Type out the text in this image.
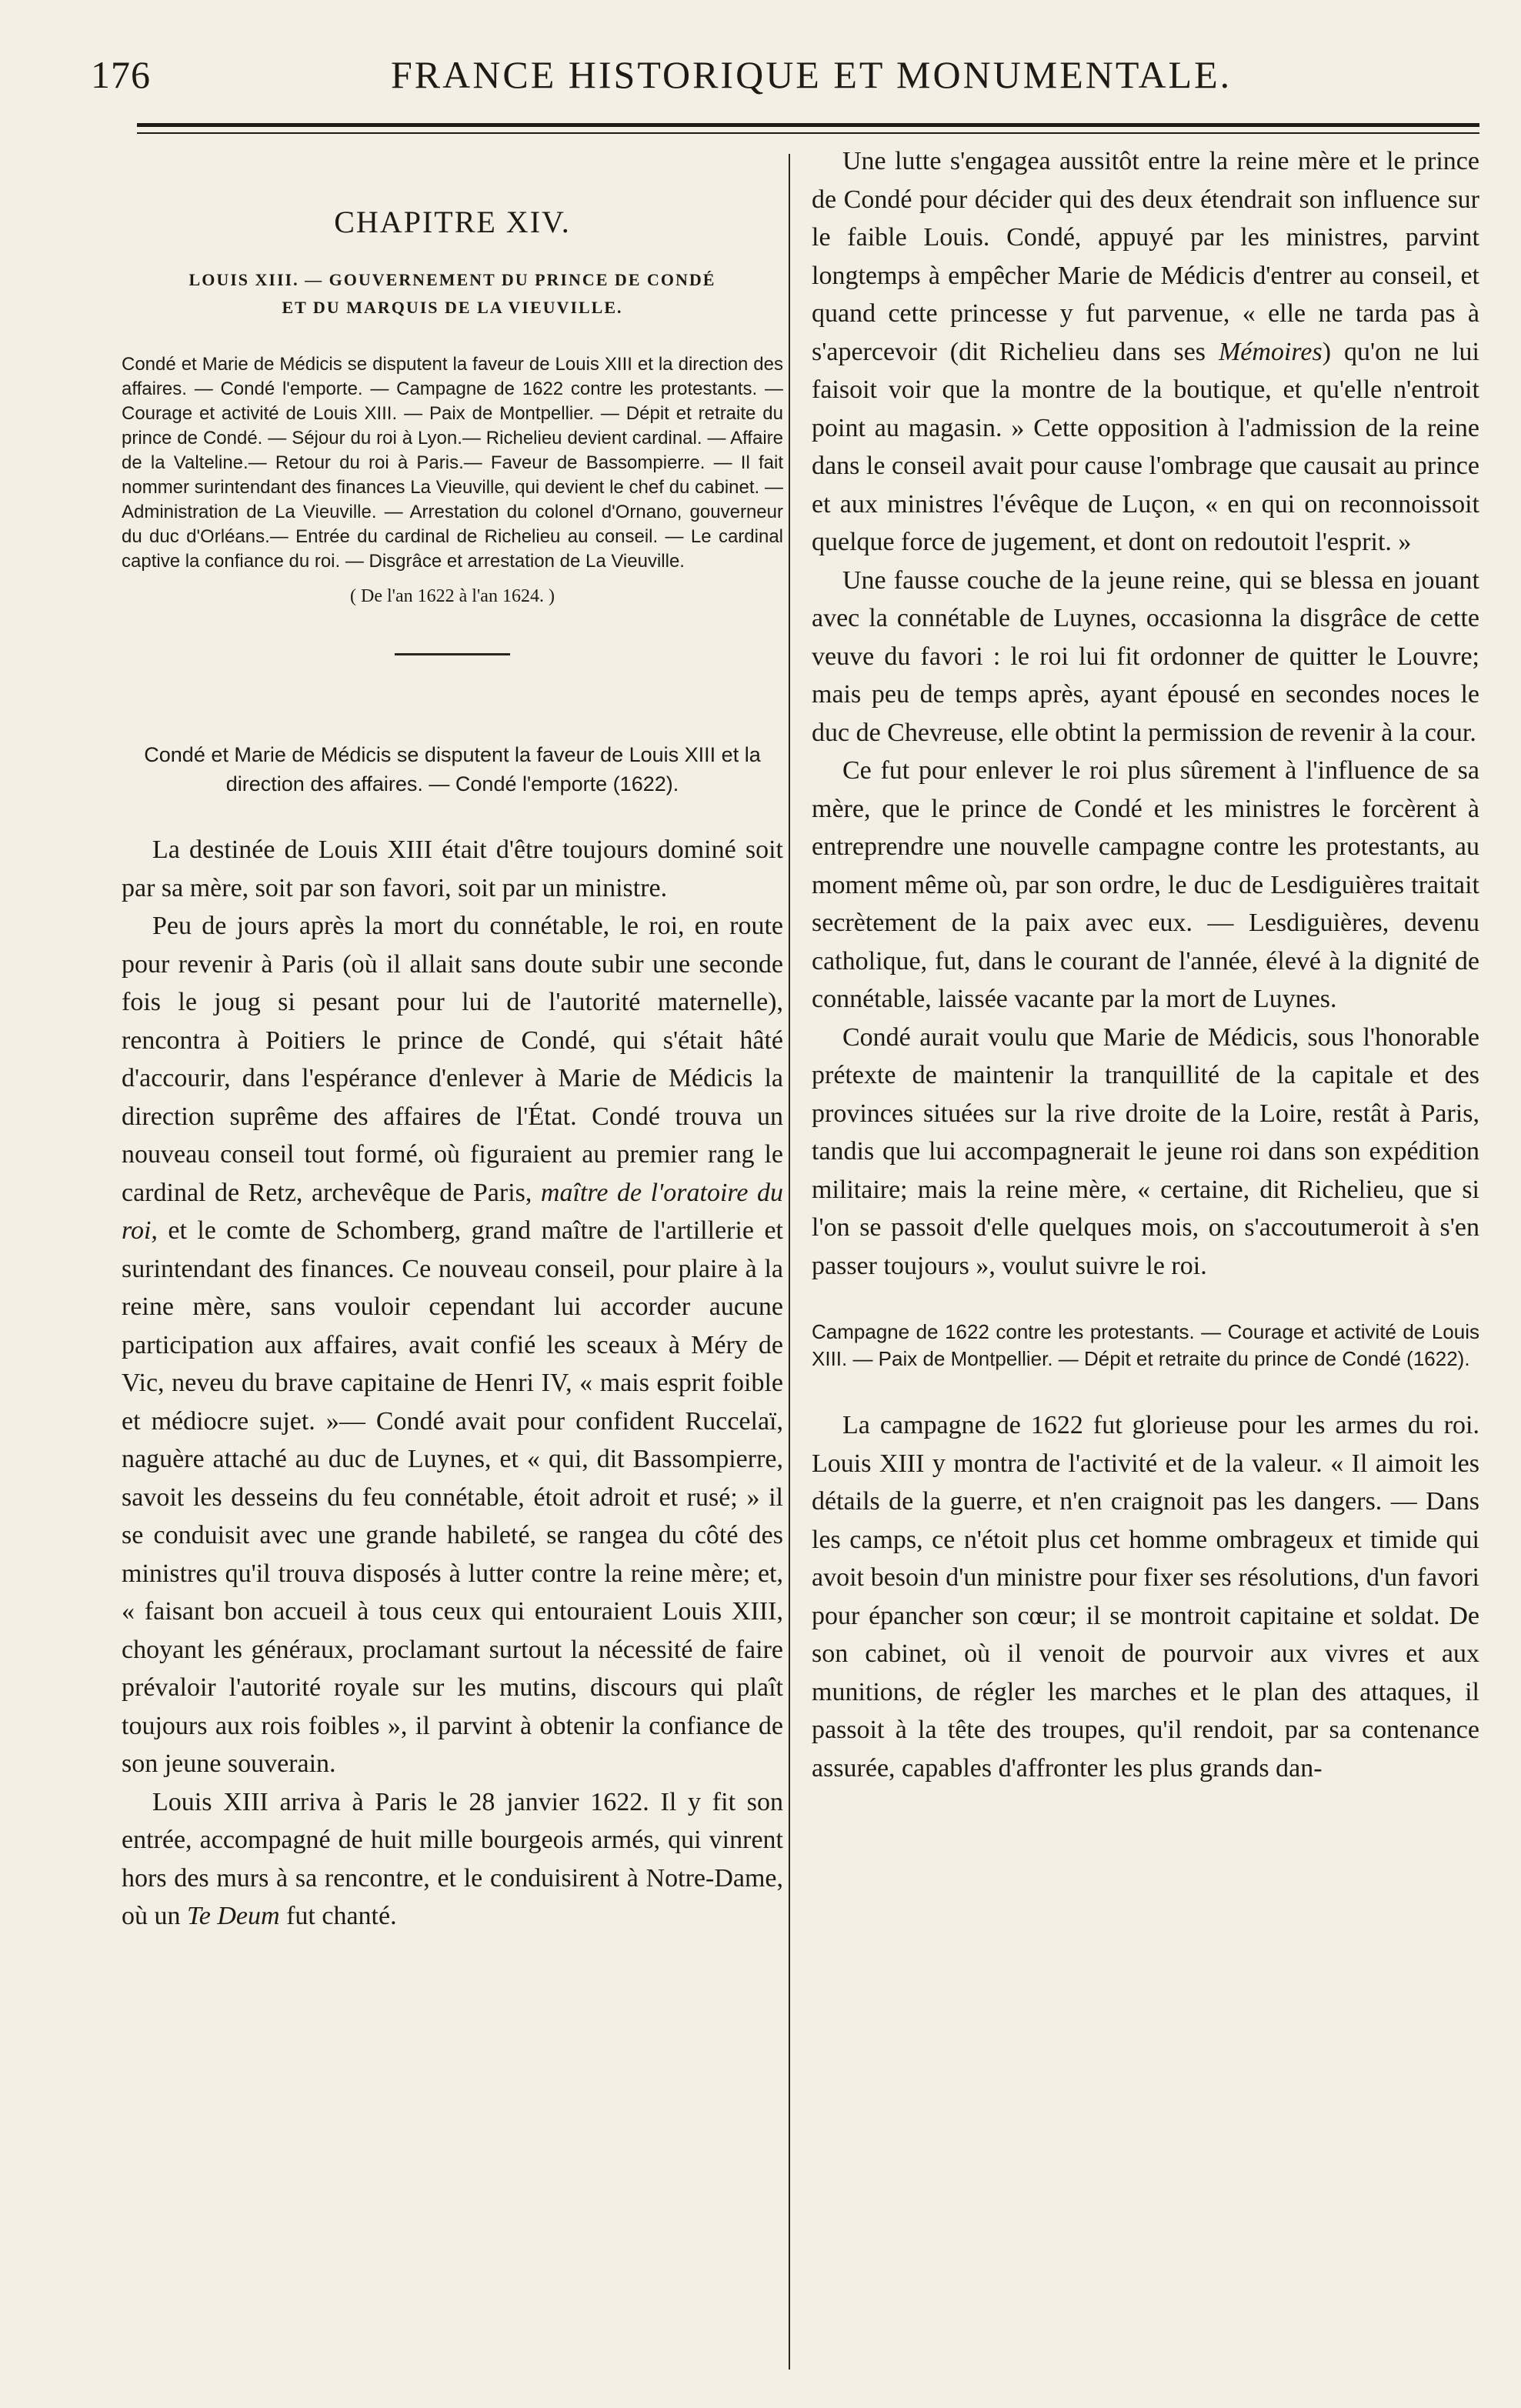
176	FRANCE HISTORIQUE ET MONUMENTALE.
CHAPITRE XIV.
LOUIS XIII. — GOUVERNEMENT DU PRINCE DE CONDÉ
ET DU MARQUIS DE LA VIEUVILLE.

Condé et Marie de Médicis se disputent la faveur de Louis XIII et la direction des affaires. — Condé l'emporte. — Campagne de 1622 contre les protestants. — Courage et activité de Louis XIII. — Paix de Montpellier. — Dépit et retraite du prince de Condé. — Séjour du roi à Lyon.— Richelieu devient cardinal. — Affaire de la Valteline.— Retour du roi à Paris.— Faveur de Bassompierre. — Il fait nommer surintendant des finances La Vieuville, qui devient le chef du cabinet. — Administration de La Vieuville. — Arrestation du colonel d'Ornano, gouverneur du duc d'Orléans.— Entrée du cardinal de Richelieu au conseil. — Le cardinal captive la confiance du roi. — Disgrâce et arrestation de La Vieuville.

( De l'an 1622 à l'an 1624. )
Condé et Marie de Médicis se disputent la faveur de Louis XIII et la direction des affaires. — Condé l'emporte (1622).

La destinée de Louis XIII était d'être toujours dominé soit par sa mère, soit par son favori, soit par un ministre.

Peu de jours après la mort du connétable, le roi, en route pour revenir à Paris (où il allait sans doute subir une seconde fois le joug si pesant pour lui de l'autorité maternelle), rencontra à Poitiers le prince de Condé, qui s'était hâté d'accourir, dans l'espérance d'enlever à Marie de Médicis la direction suprême des affaires de l'État. Condé trouva un nouveau conseil tout formé, où figuraient au premier rang le cardinal de Retz, archevêque de Paris, maître de l'oratoire du roi, et le comte de Schomberg, grand maître de l'artillerie et surintendant des finances. Ce nouveau conseil, pour plaire à la reine mère, sans vouloir cependant lui accorder aucune participation aux affaires, avait confié les sceaux à Méry de Vic, neveu du brave capitaine de Henri IV, « mais esprit foible et médiocre sujet. »— Condé avait pour confident Ruccelaï, naguère attaché au duc de Luynes, et « qui, dit Bassompierre, savoit les desseins du feu connétable, étoit adroit et rusé; » il se conduisit avec une grande habileté, se rangea du côté des ministres qu'il trouva disposés à lutter contre la reine mère; et, « faisant bon accueil à tous ceux qui entouraient Louis XIII, choyant les généraux, proclamant surtout la nécessité de faire prévaloir l'autorité royale sur les mutins, discours qui plaît toujours aux rois foibles », il parvint à obtenir la confiance de son jeune souverain.

Louis XIII arriva à Paris le 28 janvier 1622. Il y fit son entrée, accompagné de huit mille bourgeois armés, qui vinrent hors des murs à sa rencontre, et le conduisirent à Notre-Dame, où un Te Deum fut chanté.

Une lutte s'engagea aussitôt entre la reine mère et le prince de Condé pour décider qui des deux étendrait son influence sur le faible Louis. Condé, appuyé par les ministres, parvint longtemps à empêcher Marie de Médicis d'entrer au conseil, et quand cette princesse y fut parvenue, « elle ne tarda pas à s'apercevoir (dit Richelieu dans ses Mémoires) qu'on ne lui faisoit voir que la montre de la boutique, et qu'elle n'entroit point au magasin. » Cette opposition à l'admission de la reine dans le conseil avait pour cause l'ombrage que causait au prince et aux ministres l'évêque de Luçon, « en qui on reconnoissoit quelque force de jugement, et dont on redoutoit l'esprit. »

Une fausse couche de la jeune reine, qui se blessa en jouant avec la connétable de Luynes, occasionna la disgrâce de cette veuve du favori : le roi lui fit ordonner de quitter le Louvre; mais peu de temps après, ayant épousé en secondes noces le duc de Chevreuse, elle obtint la permission de revenir à la cour.

Ce fut pour enlever le roi plus sûrement à l'influence de sa mère, que le prince de Condé et les ministres le forcèrent à entreprendre une nouvelle campagne contre les protestants, au moment même où, par son ordre, le duc de Lesdiguières traitait secrètement de la paix avec eux. — Lesdiguières, devenu catholique, fut, dans le courant de l'année, élevé à la dignité de connétable, laissée vacante par la mort de Luynes.

Condé aurait voulu que Marie de Médicis, sous l'honorable prétexte de maintenir la tranquillité de la capitale et des provinces situées sur la rive droite de la Loire, restât à Paris, tandis que lui accompagnerait le jeune roi dans son expédition militaire; mais la reine mère, « certaine, dit Richelieu, que si l'on se passoit d'elle quelques mois, on s'accoutumeroit à s'en passer toujours », voulut suivre le roi.

Campagne de 1622 contre les protestants. — Courage et activité de Louis XIII. — Paix de Montpellier. — Dépit et retraite du prince de Condé (1622).

La campagne de 1622 fut glorieuse pour les armes du roi. Louis XIII y montra de l'activité et de la valeur. « Il aimoit les détails de la guerre, et n'en craignoit pas les dangers. — Dans les camps, ce n'étoit plus cet homme ombrageux et timide qui avoit besoin d'un ministre pour fixer ses résolutions, d'un favori pour épancher son cœur; il se montroit capitaine et soldat. De son cabinet, où il venoit de pourvoir aux vivres et aux munitions, de régler les marches et le plan des attaques, il passoit à la tête des troupes, qu'il rendoit, par sa contenance assurée, capables d'affronter les plus grands dan-
